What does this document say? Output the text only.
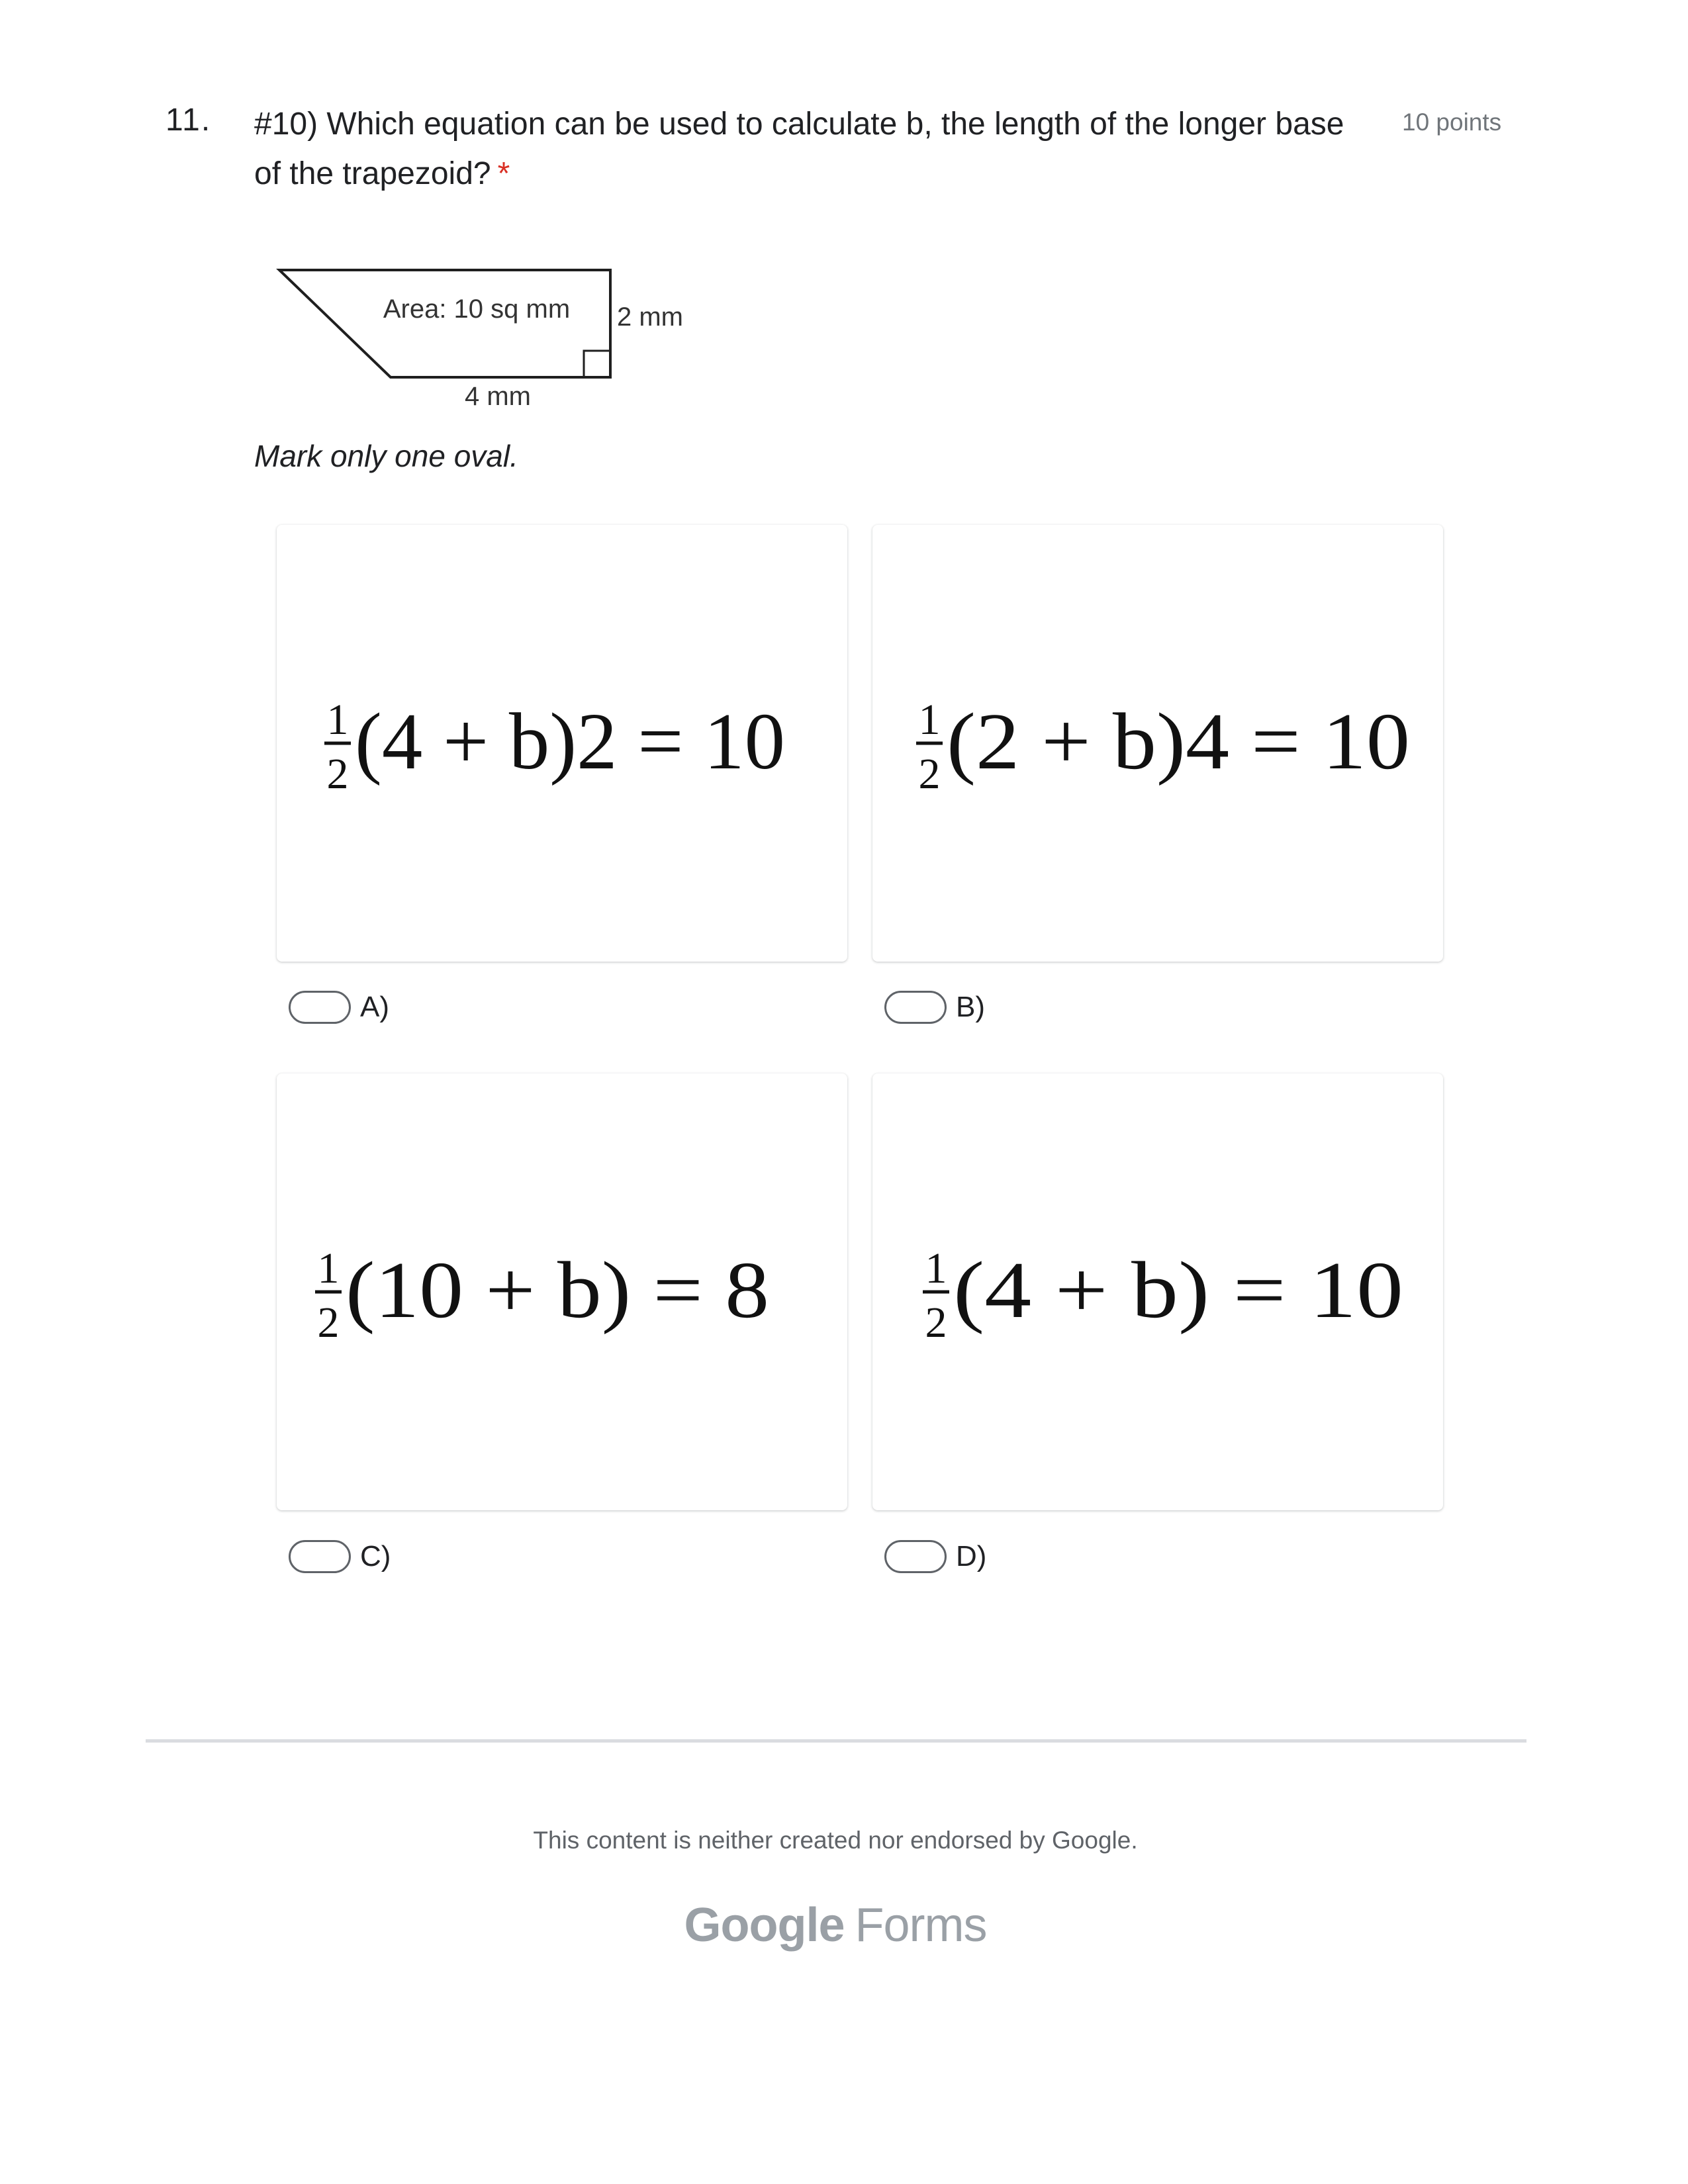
11. #10) Which equation can be used to calculate b, the length of the longer base of the trapezoid? *
10 points
Area: 10 sq mm 2 mm
4 mm
Mark only one oval.
1
2 (4 + b)2 = 10
A)
1
2 (2 + b)4 = 10
B)
1
2 (10 + b) = 8
C)
1
2 (4 + b) = 10
D)
This content is neither created nor endorsed by Google.
Google Forms
